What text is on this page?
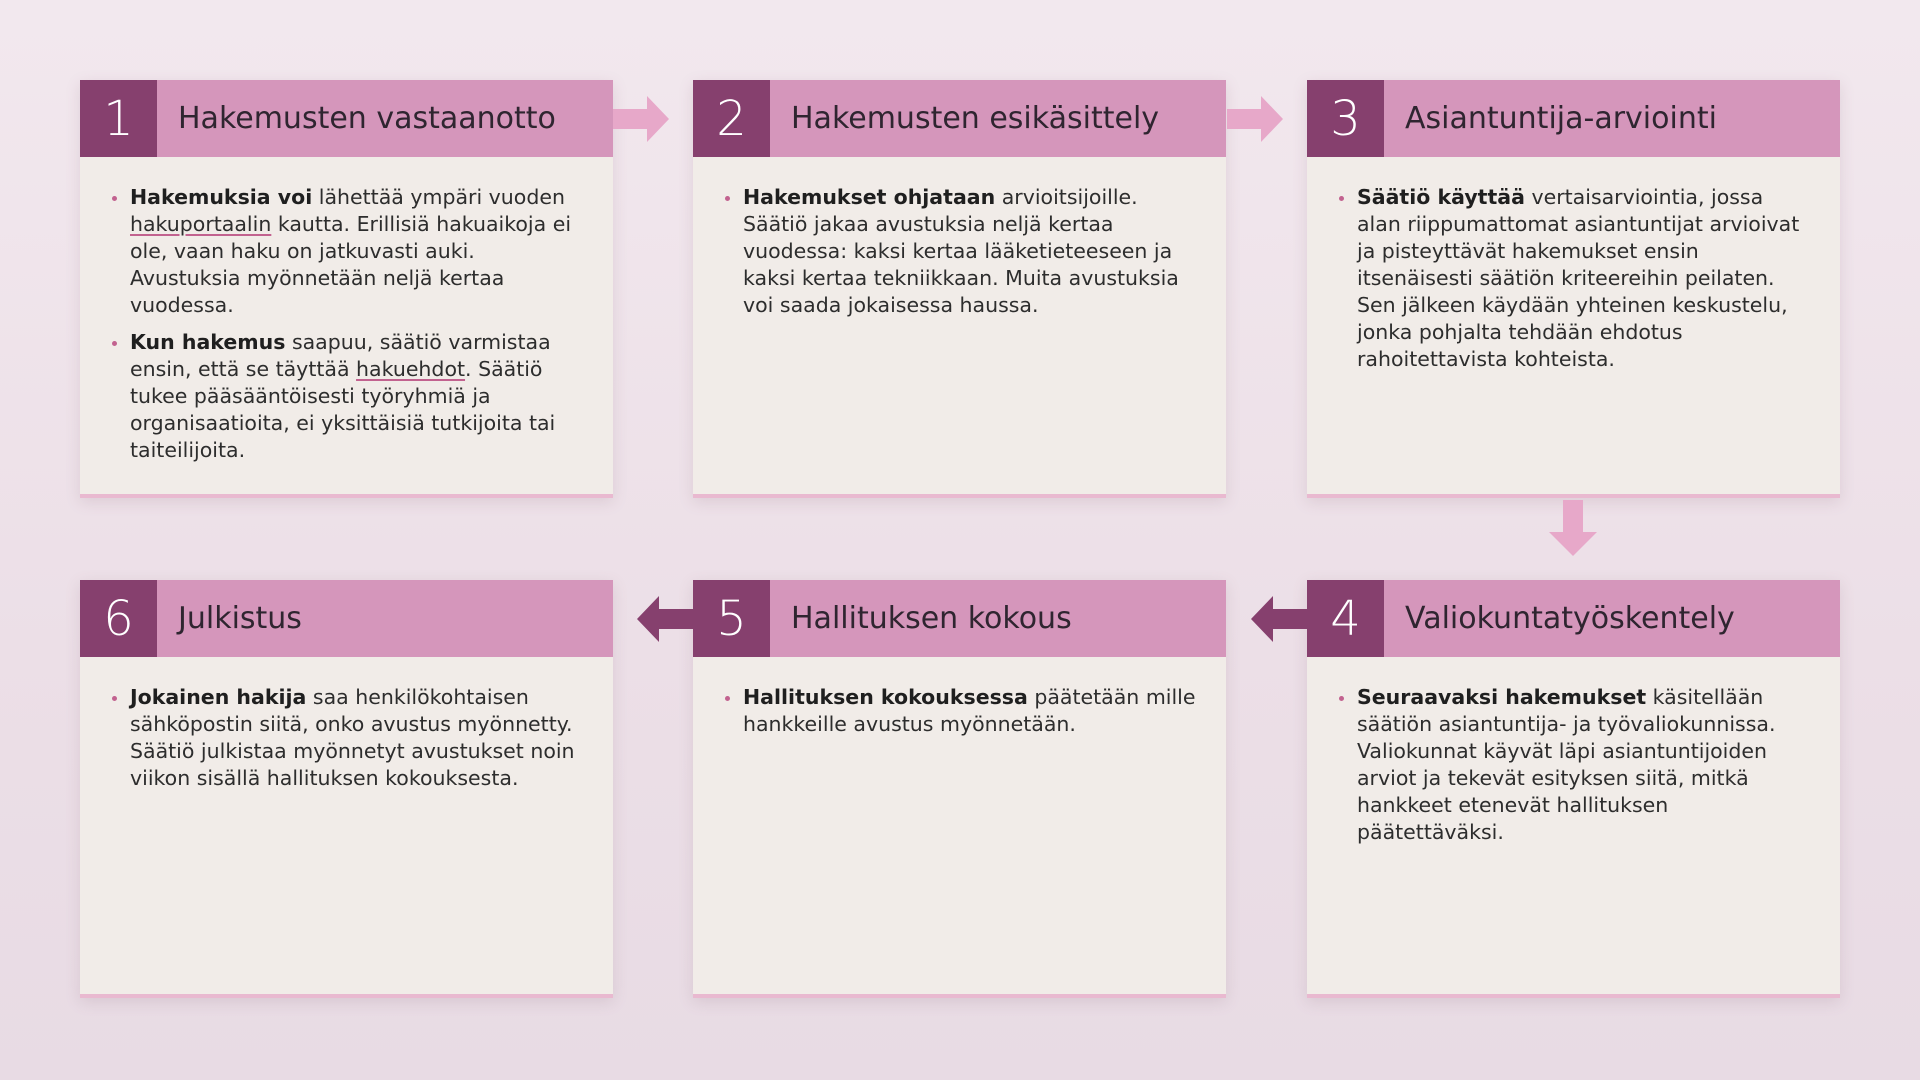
1	Hakemusten vastaanotto

Hakemuksia voi lähettää ympäri vuoden hakuportaalin kautta. Erillisiä hakuaikoja ei ole, vaan haku on jatkuvasti auki. Avustuksia myönnetään neljä kertaa vuodessa.

Kun hakemus saapuu, säätiö varmistaa ensin, että se täyttää hakuehdot. Säätiö tukee pääsääntöisesti työryhmiä ja organisaatioita, ei yksittäisiä tutkijoita tai taiteilijoita.

2	Hakemusten esikäsittely

Hakemukset ohjataan arvioitsijoille. Säätiö jakaa avustuksia neljä kertaa vuodessa: kaksi kertaa lääketieteeseen ja kaksi kertaa tekniikkaan. Muita avustuksia voi saada jokaisessa haussa.

3	Asiantuntija-arviointi

Säätiö käyttää vertaisarviointia, jossa alan riippumattomat asiantuntijat arvioivat ja pisteyttävät hakemukset ensin itsenäisesti säätiön kriteereihin peilaten. Sen jälkeen käydään yhteinen keskustelu, jonka pohjalta tehdään ehdotus rahoitettavista kohteista.

4	Valiokuntatyöskentely

Seuraavaksi hakemukset käsitellään säätiön asiantuntija- ja työvaliokunnissa. Valiokunnat käyvät läpi asiantuntijoiden arviot ja tekevät esityksen siitä, mitkä hankkeet etenevät hallituksen päätettäväksi.

5	Hallituksen kokous

Hallituksen kokouksessa päätetään mille hankkeille avustus myönnetään.

6	Julkistus

Jokainen hakija saa henkilökohtaisen sähköpostin siitä, onko avustus myönnetty. Säätiö julkistaa myönnetyt avustukset noin viikon sisällä hallituksen kokouksesta.
